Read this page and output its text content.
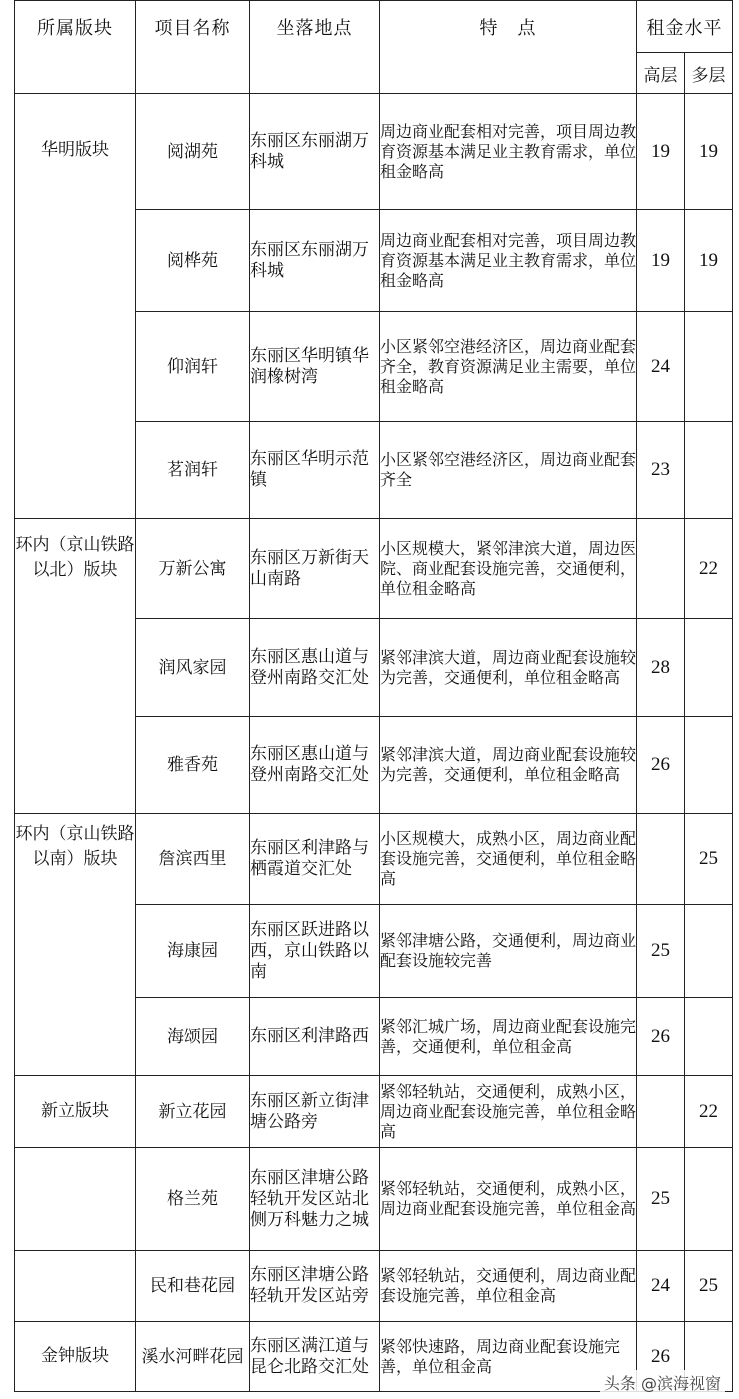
所属版块	项目名称	坐落地点	特　点	租金水平	
				高层	多层
华明版块	阅湖苑	东丽区东丽湖万科城	周边商业配套相对完善，项目周边教育资源基本满足业主教育需求，单位租金略高	19	19
	阅桦苑	东丽区东丽湖万科城	周边商业配套相对完善，项目周边教育资源基本满足业主教育需求，单位租金略高	19	19
	仰润轩	东丽区华明镇华润橡树湾	小区紧邻空港经济区，周边商业配套齐全，教育资源满足业主需要，单位租金略高	24	
	茗润轩	东丽区华明示范镇	小区紧邻空港经济区，周边商业配套齐全	23	
环内（京山铁路以北）版块	万新公寓	东丽区万新街天山南路	小区规模大，紧邻津滨大道，周边医院、商业配套设施完善，交通便利，单位租金略高		22
	润风家园	东丽区惠山道与登州南路交汇处	紧邻津滨大道，周边商业配套设施较为完善，交通便利，单位租金略高	28	
	雅香苑	东丽区惠山道与登州南路交汇处	紧邻津滨大道，周边商业配套设施较为完善，交通便利，单位租金略高	26	
环内（京山铁路以南）版块	詹滨西里	东丽区利津路与栖霞道交汇处	小区规模大，成熟小区，周边商业配套设施完善，交通便利，单位租金略高		25
	海康园	东丽区跃进路以西，京山铁路以南	紧邻津塘公路，交通便利，周边商业配套设施较完善	25	
	海颂园	东丽区利津路西	紧邻汇城广场，周边商业配套设施完善，交通便利，单位租金高	26	
新立版块	新立花园	东丽区新立街津塘公路旁	紧邻轻轨站，交通便利，成熟小区，周边商业配套设施完善，单位租金略高		22
	格兰苑	东丽区津塘公路轻轨开发区站北侧万科魅力之城	紧邻轻轨站，交通便利，成熟小区，周边商业配套设施完善，单位租金高	25	
	民和巷花园	东丽区津塘公路轻轨开发区站旁	紧邻轻轨站，交通便利，周边商业配套设施完善，单位租金高	24	25
金钟版块	溪水河畔花园	东丽区满江道与昆仑北路交汇处	紧邻快速路，周边商业配套设施完善，单位租金高	26	
头条 @滨海视窗
